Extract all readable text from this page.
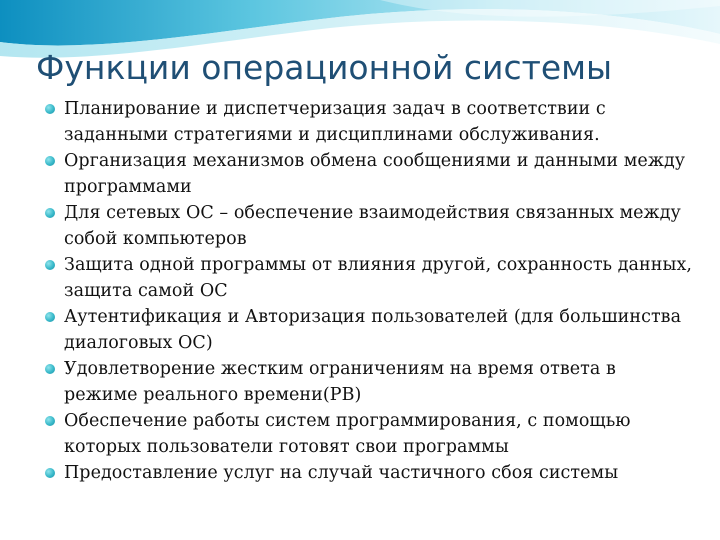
Функции операционной системы
Планирование и диспетчеризация задач в соответствии с заданными стратегиями и дисциплинами обслуживания.
Организация механизмов обмена сообщениями и данными между программами
Для сетевых ОС – обеспечение взаимодействия связанных между собой компьютеров
Защита одной программы от влияния другой, сохранность данных, защита самой ОС
Аутентификация и Авторизация пользователей (для большинства диалоговых ОС)
Удовлетворение жестким ограничениям на время ответа в режиме реального времени(РВ)
Обеспечение работы систем программирования, с помощью которых пользователи готовят свои программы
Предоставление услуг на случай частичного сбоя системы
